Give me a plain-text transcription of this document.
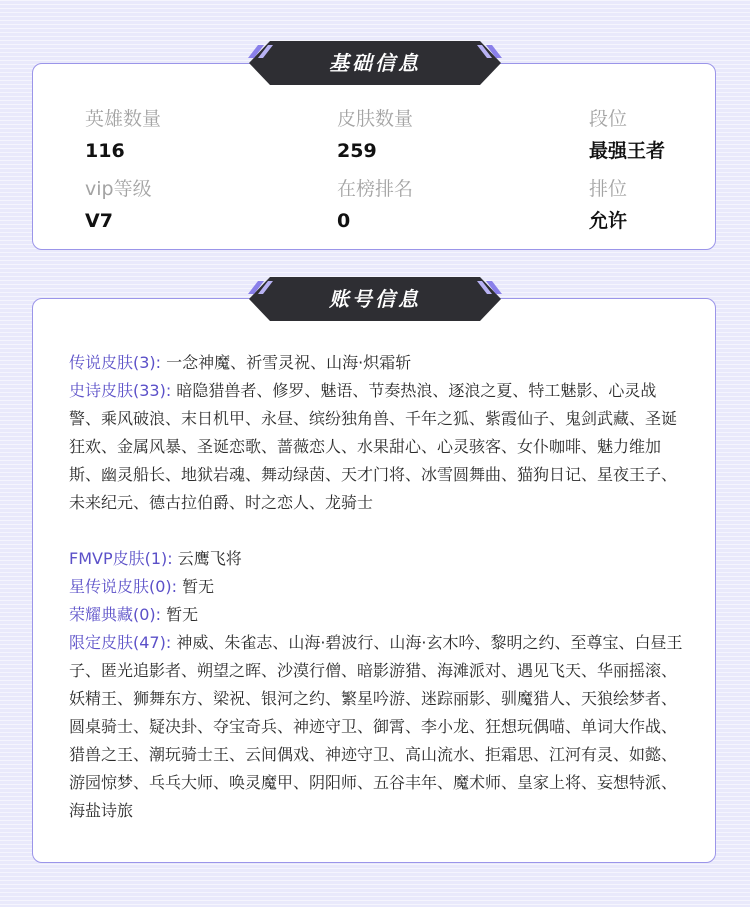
英雄数量
116
皮肤数量
259
段位
最强王者
vip等级
V7
在榜排名
0
排位
允许
基础信息

传说皮肤(3): 一念神魔、祈雪灵祝、山海·炽霜斩

史诗皮肤(33): 暗隐猎兽者、修罗、魅语、节奏热浪、逐浪之夏、特工魅影、心灵战警、乘风破浪、末日机甲、永昼、缤纷独角兽、千年之狐、紫霞仙子、鬼剑武藏、圣诞狂欢、金属风暴、圣诞恋歌、蔷薇恋人、水果甜心、心灵骇客、女仆咖啡、魅力维加斯、幽灵船长、地狱岩魂、舞动绿茵、天才门将、冰雪圆舞曲、猫狗日记、星夜王子、未来纪元、德古拉伯爵、时之恋人、龙骑士

FMVP皮肤(1): 云鹰飞将

星传说皮肤(0): 暂无

荣耀典藏(0): 暂无

限定皮肤(47): 神威、朱雀志、山海·碧波行、山海·玄木吟、黎明之约、至尊宝、白昼王子、匿光追影者、朔望之晖、沙漠行僧、暗影游猎、海滩派对、遇见飞天、华丽摇滚、妖精王、狮舞东方、梁祝、银河之约、繁星吟游、迷踪丽影、驯魔猎人、天狼绘梦者、圆桌骑士、疑决卦、夺宝奇兵、神迹守卫、御霄、李小龙、狂想玩偶喵、单词大作战、猎兽之王、潮玩骑士王、云间偶戏、神迹守卫、高山流水、拒霜思、江河有灵、如懿、游园惊梦、乓乓大师、唤灵魔甲、阴阳师、五谷丰年、魔术师、皇家上将、妄想特派、海盐诗旅

账号信息
